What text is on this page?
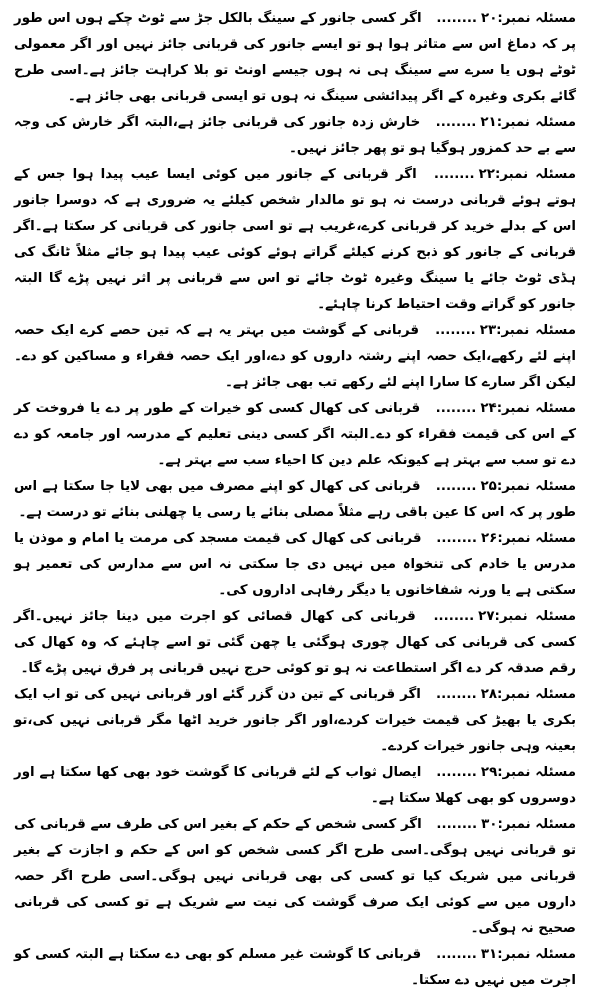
مسئلہ نمبر:۲۰........ اگر کسی جانور کے سینگ بالکل جڑ سے ٹوٹ چکے ہوں اس طور پر کہ دماغ اس سے متاثر ہوا ہو تو ایسے جانور کی قربانی جائز نہیں اور اگر معمولی ٹوٹے ہوں یا سرے سے سینگ ہی نہ ہوں جیسے اونٹ تو بلا کراہت جائز ہے۔اسی طرح گائے بکری وغیرہ کے اگر پیدائشی سینگ نہ ہوں تو ایسی قربانی بھی جائز ہے۔

مسئلہ نمبر:۲۱........ خارش زدہ جانور کی قربانی جائز ہے،البتہ اگر خارش کی وجہ سے بے حد کمزور ہوگیا ہو تو پھر جائز نہیں۔

مسئلہ نمبر:۲۲........ اگر قربانی کے جانور میں کوئی ایسا عیب پیدا ہوا جس کے ہوتے ہوئے قربانی درست نہ ہو تو مالدار شخص کیلئے یہ ضروری ہے کہ دوسرا جانور اس کے بدلے خرید کر قربانی کرے،غریب ہے تو اسی جانور کی قربانی کر سکتا ہے۔اگر قربانی کے جانور کو ذبح کرنے کیلئے گراتے ہوئے کوئی عیب پیدا ہو جائے مثلاً ٹانگ کی ہڈی ٹوٹ جائے یا سینگ وغیرہ ٹوٹ جائے تو اس سے قربانی پر اثر نہیں پڑے گا البتہ جانور کو گراتے وقت احتیاط کرنا چاہئے۔

مسئلہ نمبر:۲۳........ قربانی کے گوشت میں بہتر یہ ہے کہ تین حصے کرے ایک حصہ اپنے لئے رکھے،ایک حصہ اپنے رشتہ داروں کو دے،اور ایک حصہ فقراء و مساکین کو دے۔لیکن اگر سارے کا سارا اپنے لئے رکھے تب بھی جائز ہے۔

مسئلہ نمبر:۲۴........ قربانی کی کھال کسی کو خیرات کے طور پر دے یا فروخت کر کے اس کی قیمت فقراء کو دے۔البتہ اگر کسی دینی تعلیم کے مدرسہ اور جامعہ کو دے دے تو سب سے بہتر ہے کیونکہ علم دین کا احیاء سب سے بہتر ہے۔

مسئلہ نمبر:۲۵........ قربانی کی کھال کو اپنے مصرف میں بھی لایا جا سکتا ہے اس طور پر کہ اس کا عین باقی رہے مثلاً مصلی بنائے یا رسی یا چھلنی بنائے تو درست ہے۔

مسئلہ نمبر:۲۶........ قربانی کی کھال کی قیمت مسجد کی مرمت یا امام و موذن یا مدرس یا خادم کی تنخواہ میں نہیں دی جا سکتی نہ اس سے مدارس کی تعمیر ہو سکتی ہے یا ورنہ شفاخانوں یا دیگر رفاہی اداروں کی۔

مسئلہ نمبر:۲۷........ قربانی کی کھال قصائی کو اجرت میں دینا جائز نہیں۔اگر کسی کی قربانی کی کھال چوری ہوگئی یا چھن گئی تو اسے چاہئے کہ وہ کھال کی رقم صدقہ کر دے اگر استطاعت نہ ہو تو کوئی حرج نہیں قربانی پر فرق نہیں پڑے گا۔

مسئلہ نمبر:۲۸........ اگر قربانی کے تین دن گزر گئے اور قربانی نہیں کی تو اب ایک بکری یا بھیڑ کی قیمت خیرات کردے،اور اگر جانور خرید اٹھا مگر قربانی نہیں کی،تو بعینہ وہی جانور خیرات کردے۔

مسئلہ نمبر:۲۹........ ایصال ثواب کے لئے قربانی کا گوشت خود بھی کھا سکتا ہے اور دوسروں کو بھی کھلا سکتا ہے۔

مسئلہ نمبر:۳۰........ اگر کسی شخص کے حکم کے بغیر اس کی طرف سے قربانی کی تو قربانی نہیں ہوگی۔اسی طرح اگر کسی شخص کو اس کے حکم و اجازت کے بغیر قربانی میں شریک کیا تو کسی کی بھی قربانی نہیں ہوگی۔اسی طرح اگر حصہ داروں میں سے کوئی ایک صرف گوشت کی نیت سے شریک ہے تو کسی کی قربانی صحیح نہ ہوگی۔

مسئلہ نمبر:۳۱........ قربانی کا گوشت غیر مسلم کو بھی دے سکتا ہے البتہ کسی کو اجرت میں نہیں دے سکتا۔
